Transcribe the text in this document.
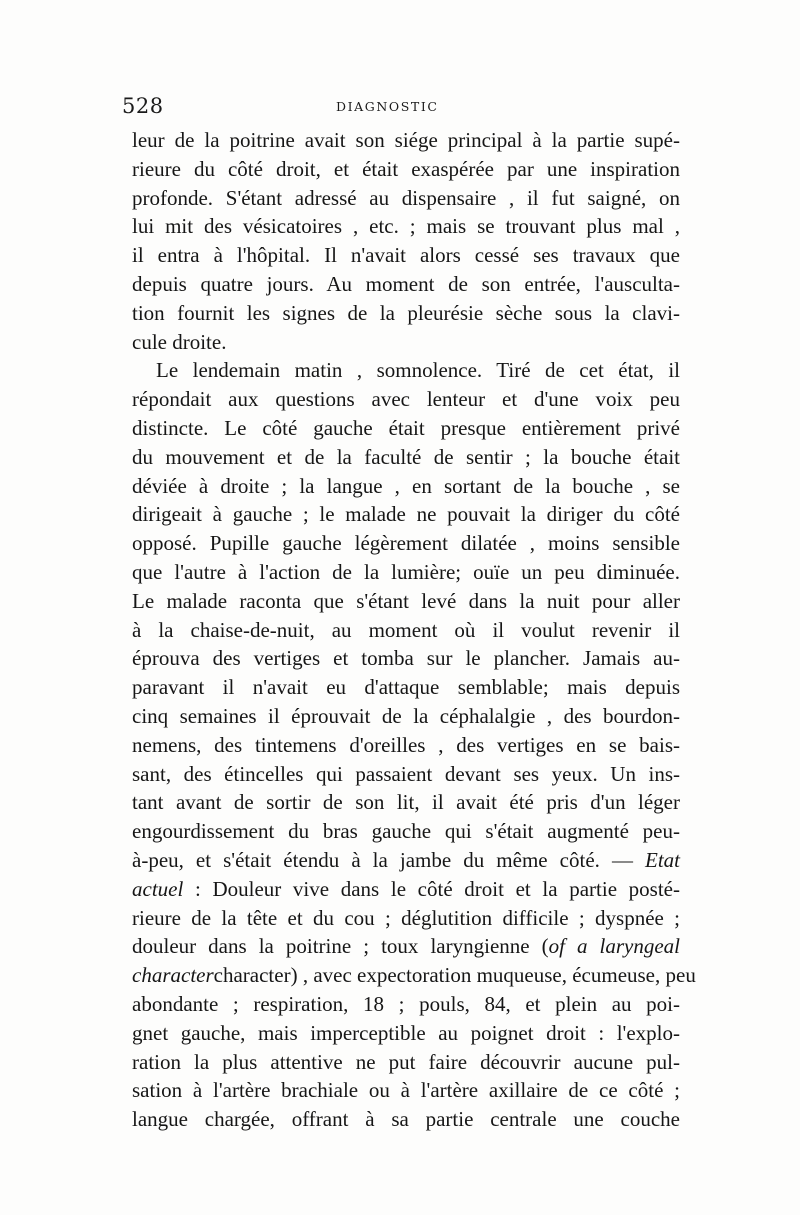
528	DIAGNOSTIC
leur de la poitrine avait son siége principal à la partie supé-
rieure du côté droit, et était exaspérée par une inspiration
profonde. S'étant adressé au dispensaire , il fut saigné, on
lui mit des vésicatoires , etc. ; mais se trouvant plus mal ,
il entra à l'hôpital. Il n'avait alors cessé ses travaux que
depuis quatre jours. Au moment de son entrée, l'ausculta-
tion fournit les signes de la pleurésie sèche sous la clavi-
cule droite.
Le lendemain matin , somnolence. Tiré de cet état, il
répondait aux questions avec lenteur et d'une voix peu
distincte. Le côté gauche était presque entièrement privé
du mouvement et de la faculté de sentir ; la bouche était
déviée à droite ; la langue , en sortant de la bouche , se
dirigeait à gauche ; le malade ne pouvait la diriger du côté
opposé. Pupille gauche légèrement dilatée , moins sensible
que l'autre à l'action de la lumière; ouïe un peu diminuée.
Le malade raconta que s'étant levé dans la nuit pour aller
à la chaise-de-nuit, au moment où il voulut revenir il
éprouva des vertiges et tomba sur le plancher. Jamais au-
paravant il n'avait eu d'attaque semblable; mais depuis
cinq semaines il éprouvait de la céphalalgie , des bourdon-
nemens, des tintemens d'oreilles , des vertiges en se bais-
sant, des étincelles qui passaient devant ses yeux. Un ins-
tant avant de sortir de son lit, il avait été pris d'un léger
engourdissement du bras gauche qui s'était augmenté peu-
à-peu, et s'était étendu à la jambe du même côté. — Etat
actuel : Douleur vive dans le côté droit et la partie posté-
rieure de la tête et du cou ; déglutition difficile ; dyspnée ;
douleur dans la poitrine ; toux laryngienne (of a laryngeal
charactercharacter) , avec expectoration muqueuse, écumeuse, peu
abondante ; respiration, 18 ; pouls, 84, et plein au poi-
gnet gauche, mais imperceptible au poignet droit : l'explo-
ration la plus attentive ne put faire découvrir aucune pul-
sation à l'artère brachiale ou à l'artère axillaire de ce côté ;
langue chargée, offrant à sa partie centrale une couche
